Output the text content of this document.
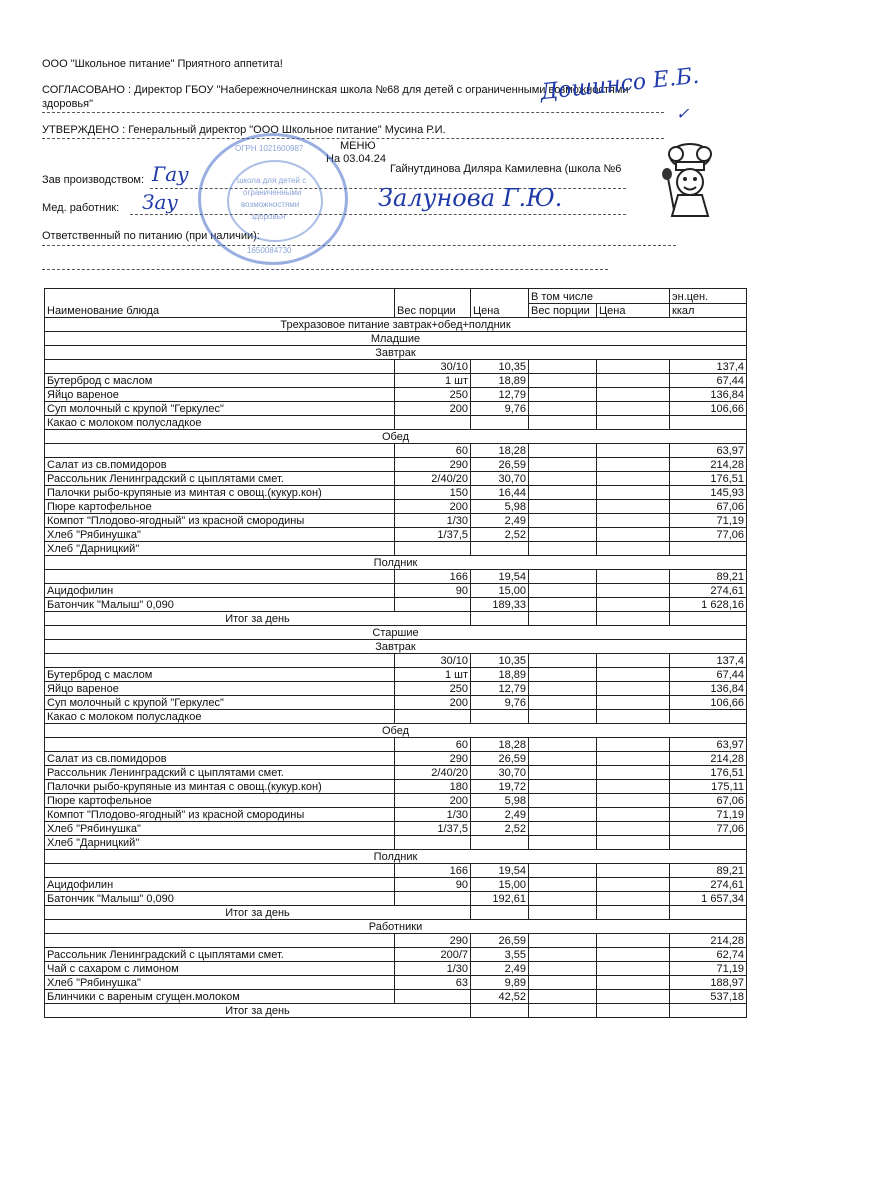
ООО "Школьное питание" Приятного аппетита!
СОГЛАСОВАНО : Директор ГБОУ "Набережночелнинская школа №68 для детей с ограниченными возможностями
здоровья"
УТВЕРЖДЕНО : Генеральный директор "ООО Школьное питание" Мусина Р.И.
МЕНЮ
На 03.04.24
Гайнутдинова Диляра Камилевна (школа №6
Зав производством:
Мед. работник:
Ответственный по питанию (при наличии):
ОГРН 1021600987
школа для детей с
ограниченными
возможностями
здоровья
1650084730
Дошинсо Е.Б.
Гау
Зау	Залуновa Г.Ю.
✓
Наименование блюда	Вес порции	Цена	В том числе		эн.цен.
			Вес порции	Цена	ккал
Трехразовое питание завтрак+обед+полдник					
Младшие					
Завтрак					
	30/10	10,35			137,4
Бутерброд с маслом	1 шт	18,89			67,44
Яйцо вареное	250	12,79			136,84
Суп молочный с крупой "Геркулес"	200	9,76			106,66
Какао с молоком полусладкое					
Обед					
	60	18,28			63,97
Салат из св.помидоров	290	26,59			214,28
Рассольник Ленинградский с цыплятами смет.	2/40/20	30,70			176,51
Палочки рыбо-крупяные из минтая с овощ.(кукур.кон)	150	16,44			145,93
Пюре картофельное	200	5,98			67,06
Компот "Плодово-ягодный" из красной смородины	1/30	2,49			71,19
Хлеб "Рябинушка"	1/37,5	2,52			77,06
Хлеб "Дарницкий"					
Полдник					
	166	19,54			89,21
Ацидофилин	90	15,00			274,61
Батончик "Малыш" 0,090		189,33			1 628,16
Итог за день					
Старшие					
Завтрак					
	30/10	10,35			137,4
Бутерброд с маслом	1 шт	18,89			67,44
Яйцо вареное	250	12,79			136,84
Суп молочный с крупой "Геркулес"	200	9,76			106,66
Какао с молоком полусладкое					
Обед					
	60	18,28			63,97
Салат из св.помидоров	290	26,59			214,28
Рассольник Ленинградский с цыплятами смет.	2/40/20	30,70			176,51
Палочки рыбо-крупяные из минтая с овощ.(кукур.кон)	180	19,72			175,11
Пюре картофельное	200	5,98			67,06
Компот "Плодово-ягодный" из красной смородины	1/30	2,49			71,19
Хлеб "Рябинушка"	1/37,5	2,52			77,06
Хлеб "Дарницкий"					
Полдник					
	166	19,54			89,21
Ацидофилин	90	15,00			274,61
Батончик "Малыш" 0,090		192,61			1 657,34
Итог за день					
Работники					
	290	26,59			214,28
Рассольник Ленинградский с цыплятами смет.	200/7	3,55			62,74
Чай с сахаром с лимоном	1/30	2,49			71,19
Хлеб "Рябинушка"	63	9,89			188,97
Блинчики с вареным сгущен.молоком		42,52			537,18
Итог за день					
